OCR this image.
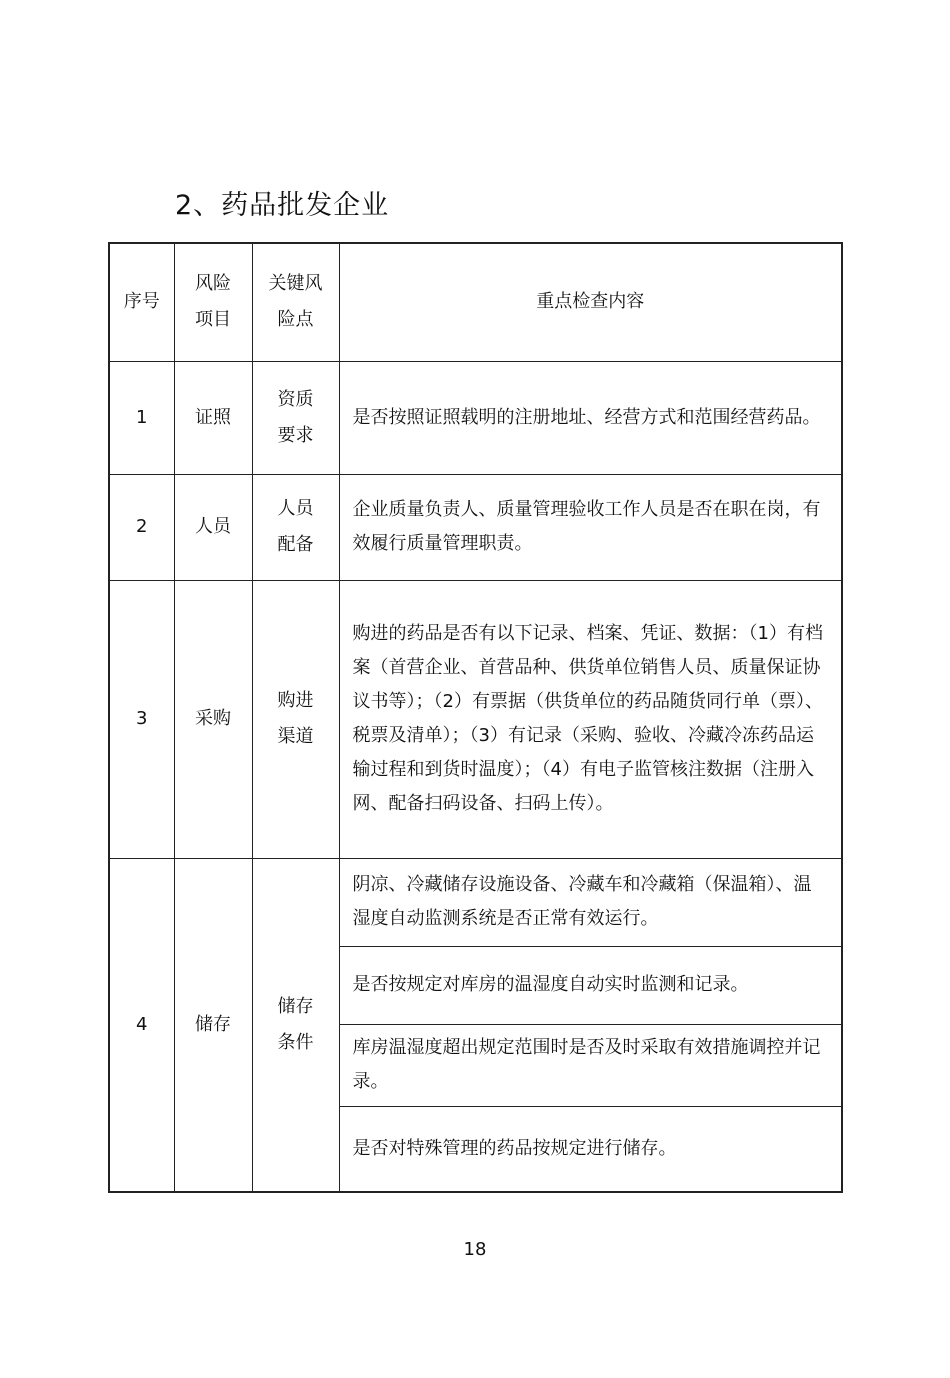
2、药品批发企业
序号	风险项目	关键风险点	重点检查内容
1	证照	资质要求	是否按照证照载明的注册地址、经营方式和范围经营药品。
2	人员	人员配备	企业质量负责人、质量管理验收工作人员是否在职在岗，有效履行质量管理职责。
3	采购	购进渠道	购进的药品是否有以下记录、档案、凭证、数据：（1）有档案（首营企业、首营品种、供货单位销售人员、质量保证协议书等）；（2）有票据（供货单位的药品随货同行单（票）、税票及清单）；（3）有记录（采购、验收、冷藏冷冻药品运输过程和到货时温度）；（4）有电子监管核注数据（注册入网、配备扫码设备、扫码上传）。
4	储存	储存条件	阴凉、冷藏储存设施设备、冷藏车和冷藏箱（保温箱）、温湿度自动监测系统是否正常有效运行。
			是否按规定对库房的温湿度自动实时监测和记录。
			库房温湿度超出规定范围时是否及时采取有效措施调控并记录。
			是否对特殊管理的药品按规定进行储存。
18
